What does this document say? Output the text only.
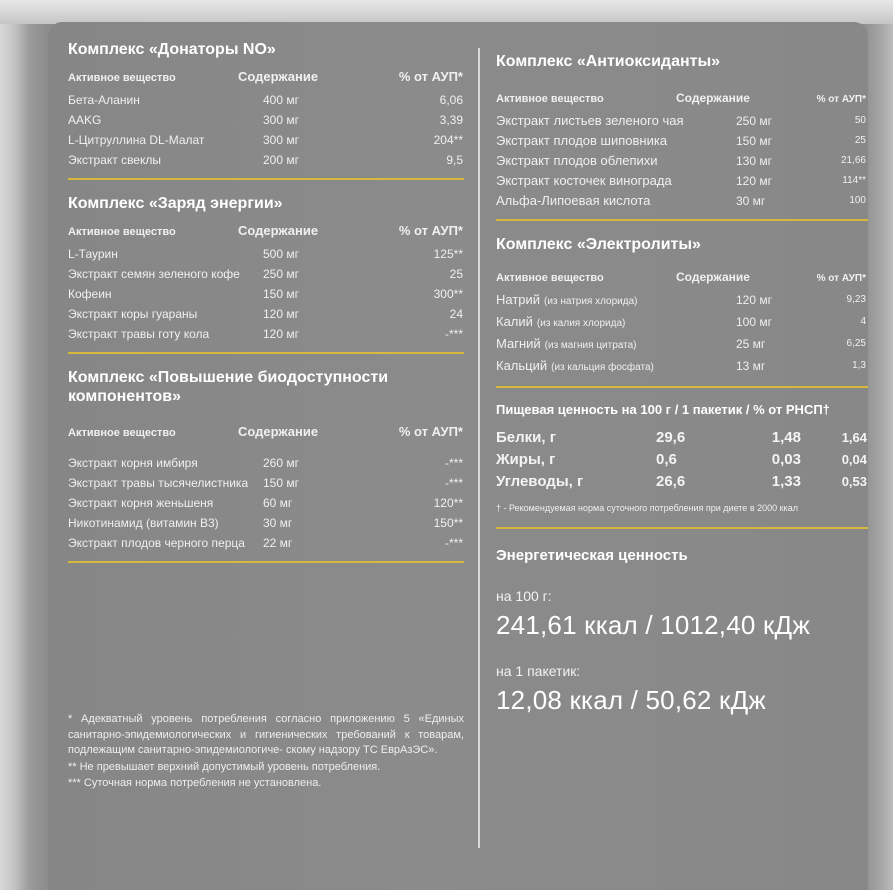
Комплекс «Донаторы NO»
Активное вещество	Содержание	% от АУП*
Бета-Аланин	400 мг	6,06
AAKG	300 мг	3,39
L-Цитруллина DL-Малат	300 мг	204**
Экстракт свеклы	200 мг	9,5
Комплекс «Заряд энергии»
Активное вещество	Содержание	% от АУП*
L-Таурин	500 мг	125**
Экстракт семян зеленого кофе	250 мг	25
Кофеин	150 мг	300**
Экстракт коры гуараны	120 мг	24
Экстракт травы готу кола	120 мг	-***
Комплекс «Повышение биодоступности компонентов»
Активное вещество	Содержание	% от АУП*
Экстракт корня имбиря	260 мг	-***
Экстракт травы тысячелистника	150 мг	-***
Экстракт корня женьшеня	60 мг	120**
Никотинамид (витамин В3)	30 мг	150**
Экстракт плодов черного перца	22 мг	-***

* Адекватный уровень потребления согласно приложению 5 «Единых санитарно-эпидемиологических и гигиенических требований к товарам, подлежащим санитарно-эпидемиологиче- скому надзору ТС ЕврАзЭС».

** Не превышает верхний допустимый уровень потребления.

*** Суточная норма потребления не установлена.

Комплекс «Антиоксиданты»
Активное вещество	Содержание	% от АУП*
Экстракт листьев зеленого чая	250 мг	50
Экстракт плодов шиповника	150 мг	25
Экстракт плодов облепихи	130 мг	21,66
Экстракт косточек винограда	120 мг	114**
Альфа-Липоевая кислота	30 мг	100
Комплекс «Электролиты»
Активное вещество	Содержание	% от АУП*
Натрий (из натрия хлорида)	120 мг	9,23
Калий (из калия хлорида)	100 мг	4
Магний (из магния цитрата)	25 мг	6,25
Кальций (из кальция фосфата)	13 мг	1,3
Пищевая ценность на 100 г / 1 пакетик / % от РНСП†
Белки, г	29,6	1,48	1,64
Жиры, г	0,6	0,03	0,04
Углеводы, г	26,6	1,33	0,53
† - Рекомендуемая норма суточного потребления при диете в 2000 ккал
Энергетическая ценность
на 100 г:
241,61 ккал / 1012,40 кДж
на 1 пакетик:
12,08 ккал / 50,62 кДж
